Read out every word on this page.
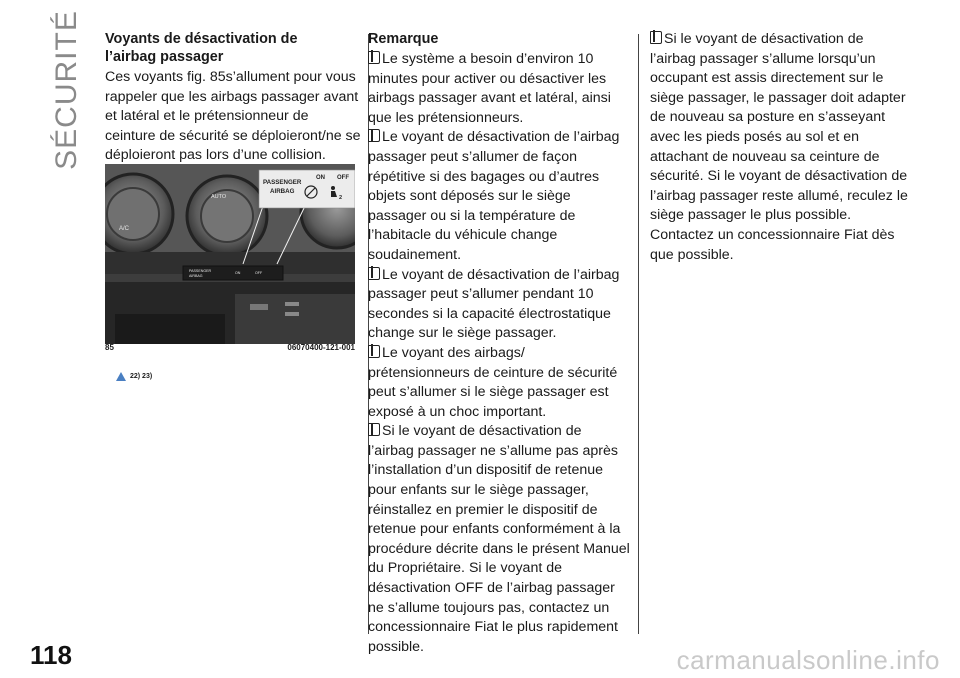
SÉCURITÉ Voyants de désactivation de
l’airbag passager

Ces voyants fig. 85s’allument pour vous rappeler que les airbags passager avant et latéral et le prétensionneur de ceinture de sécurité se déploieront/ne se déploieront pas lors d’une collision.

A/C
AUTO
PASSENGER
AIRBAG
ON	OFF
PASSENGER
AIRBAG
ON OFF
2
85	06070400-121-001
22) 23)
Remarque

Le système a besoin d’environ 10 minutes pour activer ou désactiver les airbags passager avant et latéral, ainsi que les prétensionneurs.

Le voyant de désactivation de l’airbag passager peut s’allumer de façon répétitive si des bagages ou d’autres objets sont déposés sur le siège passager ou si la température de l’habitacle du véhicule change soudainement.

Le voyant de désactivation de l’airbag passager peut s’allumer pendant 10 secondes si la capacité électrostatique change sur le siège passager.

Le voyant des airbags/ prétensionneurs de ceinture de sécurité peut s’allumer si le siège passager est exposé à un choc important.

Si le voyant de désactivation de l’airbag passager ne s’allume pas après l’installation d’un dispositif de retenue pour enfants sur le siège passager, réinstallez en premier le dispositif de retenue pour enfants conformément à la procédure décrite dans le présent Manuel du Propriétaire. Si le voyant de désactivation OFF de l’airbag passager ne s’allume toujours pas, contactez un concessionnaire Fiat le plus rapidement possible.

Si le voyant de désactivation de l’airbag passager s’allume lorsqu’un occupant est assis directement sur le siège passager, le passager doit adapter de nouveau sa posture en s’asseyant avec les pieds posés au sol et en attachant de nouveau sa ceinture de sécurité. Si le voyant de désactivation de l’airbag passager reste allumé, reculez le siège passager le plus possible. Contactez un concessionnaire Fiat dès que possible.

118	carmanualsonline.info
